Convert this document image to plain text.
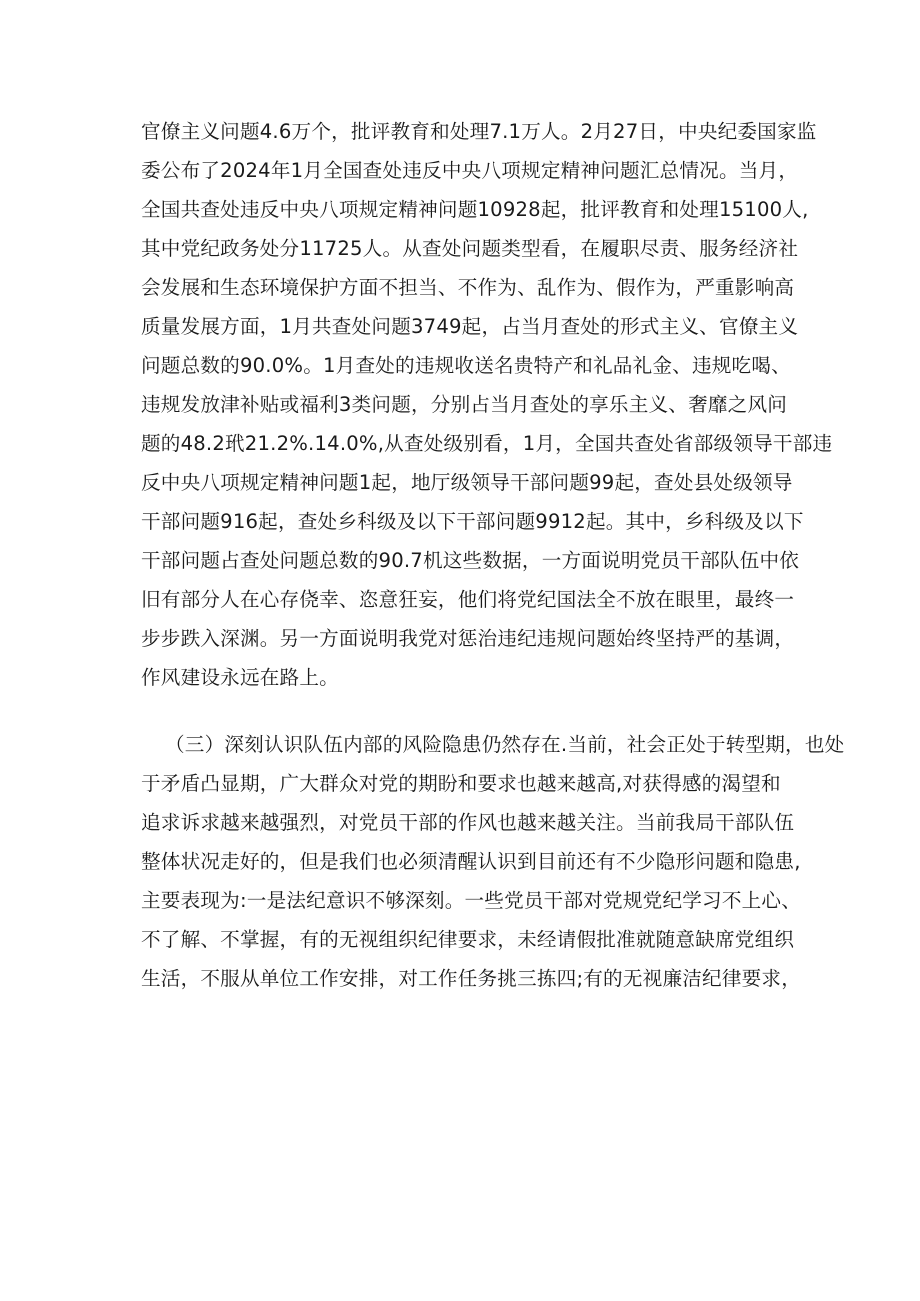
官僚主义问题4.6万个，批评教育和处理7.1万人。2月27日，中央纪委国家监
委公布了2024年1月全国查处违反中央八项规定精神问题汇总情况。当月，
全国共查处违反中央八项规定精神问题10928起，批评教育和处理15100人,
其中党纪政务处分11725人。从查处问题类型看，在履职尽责、服务经济社
会发展和生态环境保护方面不担当、不作为、乱作为、假作为，严重影响高
质量发展方面，1月共查处问题3749起，占当月查处的形式主义、官僚主义
问题总数的90.0%。1月查处的违规收送名贵特产和礼品礼金、违规吃喝、
违规发放津补贴或福利3类问题，分别占当月查处的享乐主义、奢靡之风问
题的48.2玳21.2%.14.0%,从查处级别看，1月，全国共查处省部级领导干部违
反中央八项规定精神问题1起，地厅级领导干部问题99起，查处县处级领导
干部问题916起，查处乡科级及以下干部问题9912起。其中，乡科级及以下
干部问题占查处问题总数的90.7机这些数据，一方面说明党员干部队伍中依
旧有部分人在心存侥幸、恣意狂妄，他们将党纪国法全不放在眼里，最终一
步步跌入深渊。另一方面说明我党对惩治违纪违规问题始终坚持严的基调，
作风建设永远在路上。
（三）深刻认识队伍内部的风险隐患仍然存在.当前，社会正处于转型期，也处
于矛盾凸显期，广大群众对党的期盼和要求也越来越高,对获得感的渴望和
追求诉求越来越强烈，对党员干部的作风也越来越关注。当前我局干部队伍
整体状况走好的，但是我们也必须清醒认识到目前还有不少隐形问题和隐患,
主要表现为:一是法纪意识不够深刻。一些党员干部对党规党纪学习不上心、
不了解、不掌握，有的无视组织纪律要求，未经请假批准就随意缺席党组织
生活，不服从单位工作安排，对工作任务挑三拣四;有的无视廉洁纪律要求，
